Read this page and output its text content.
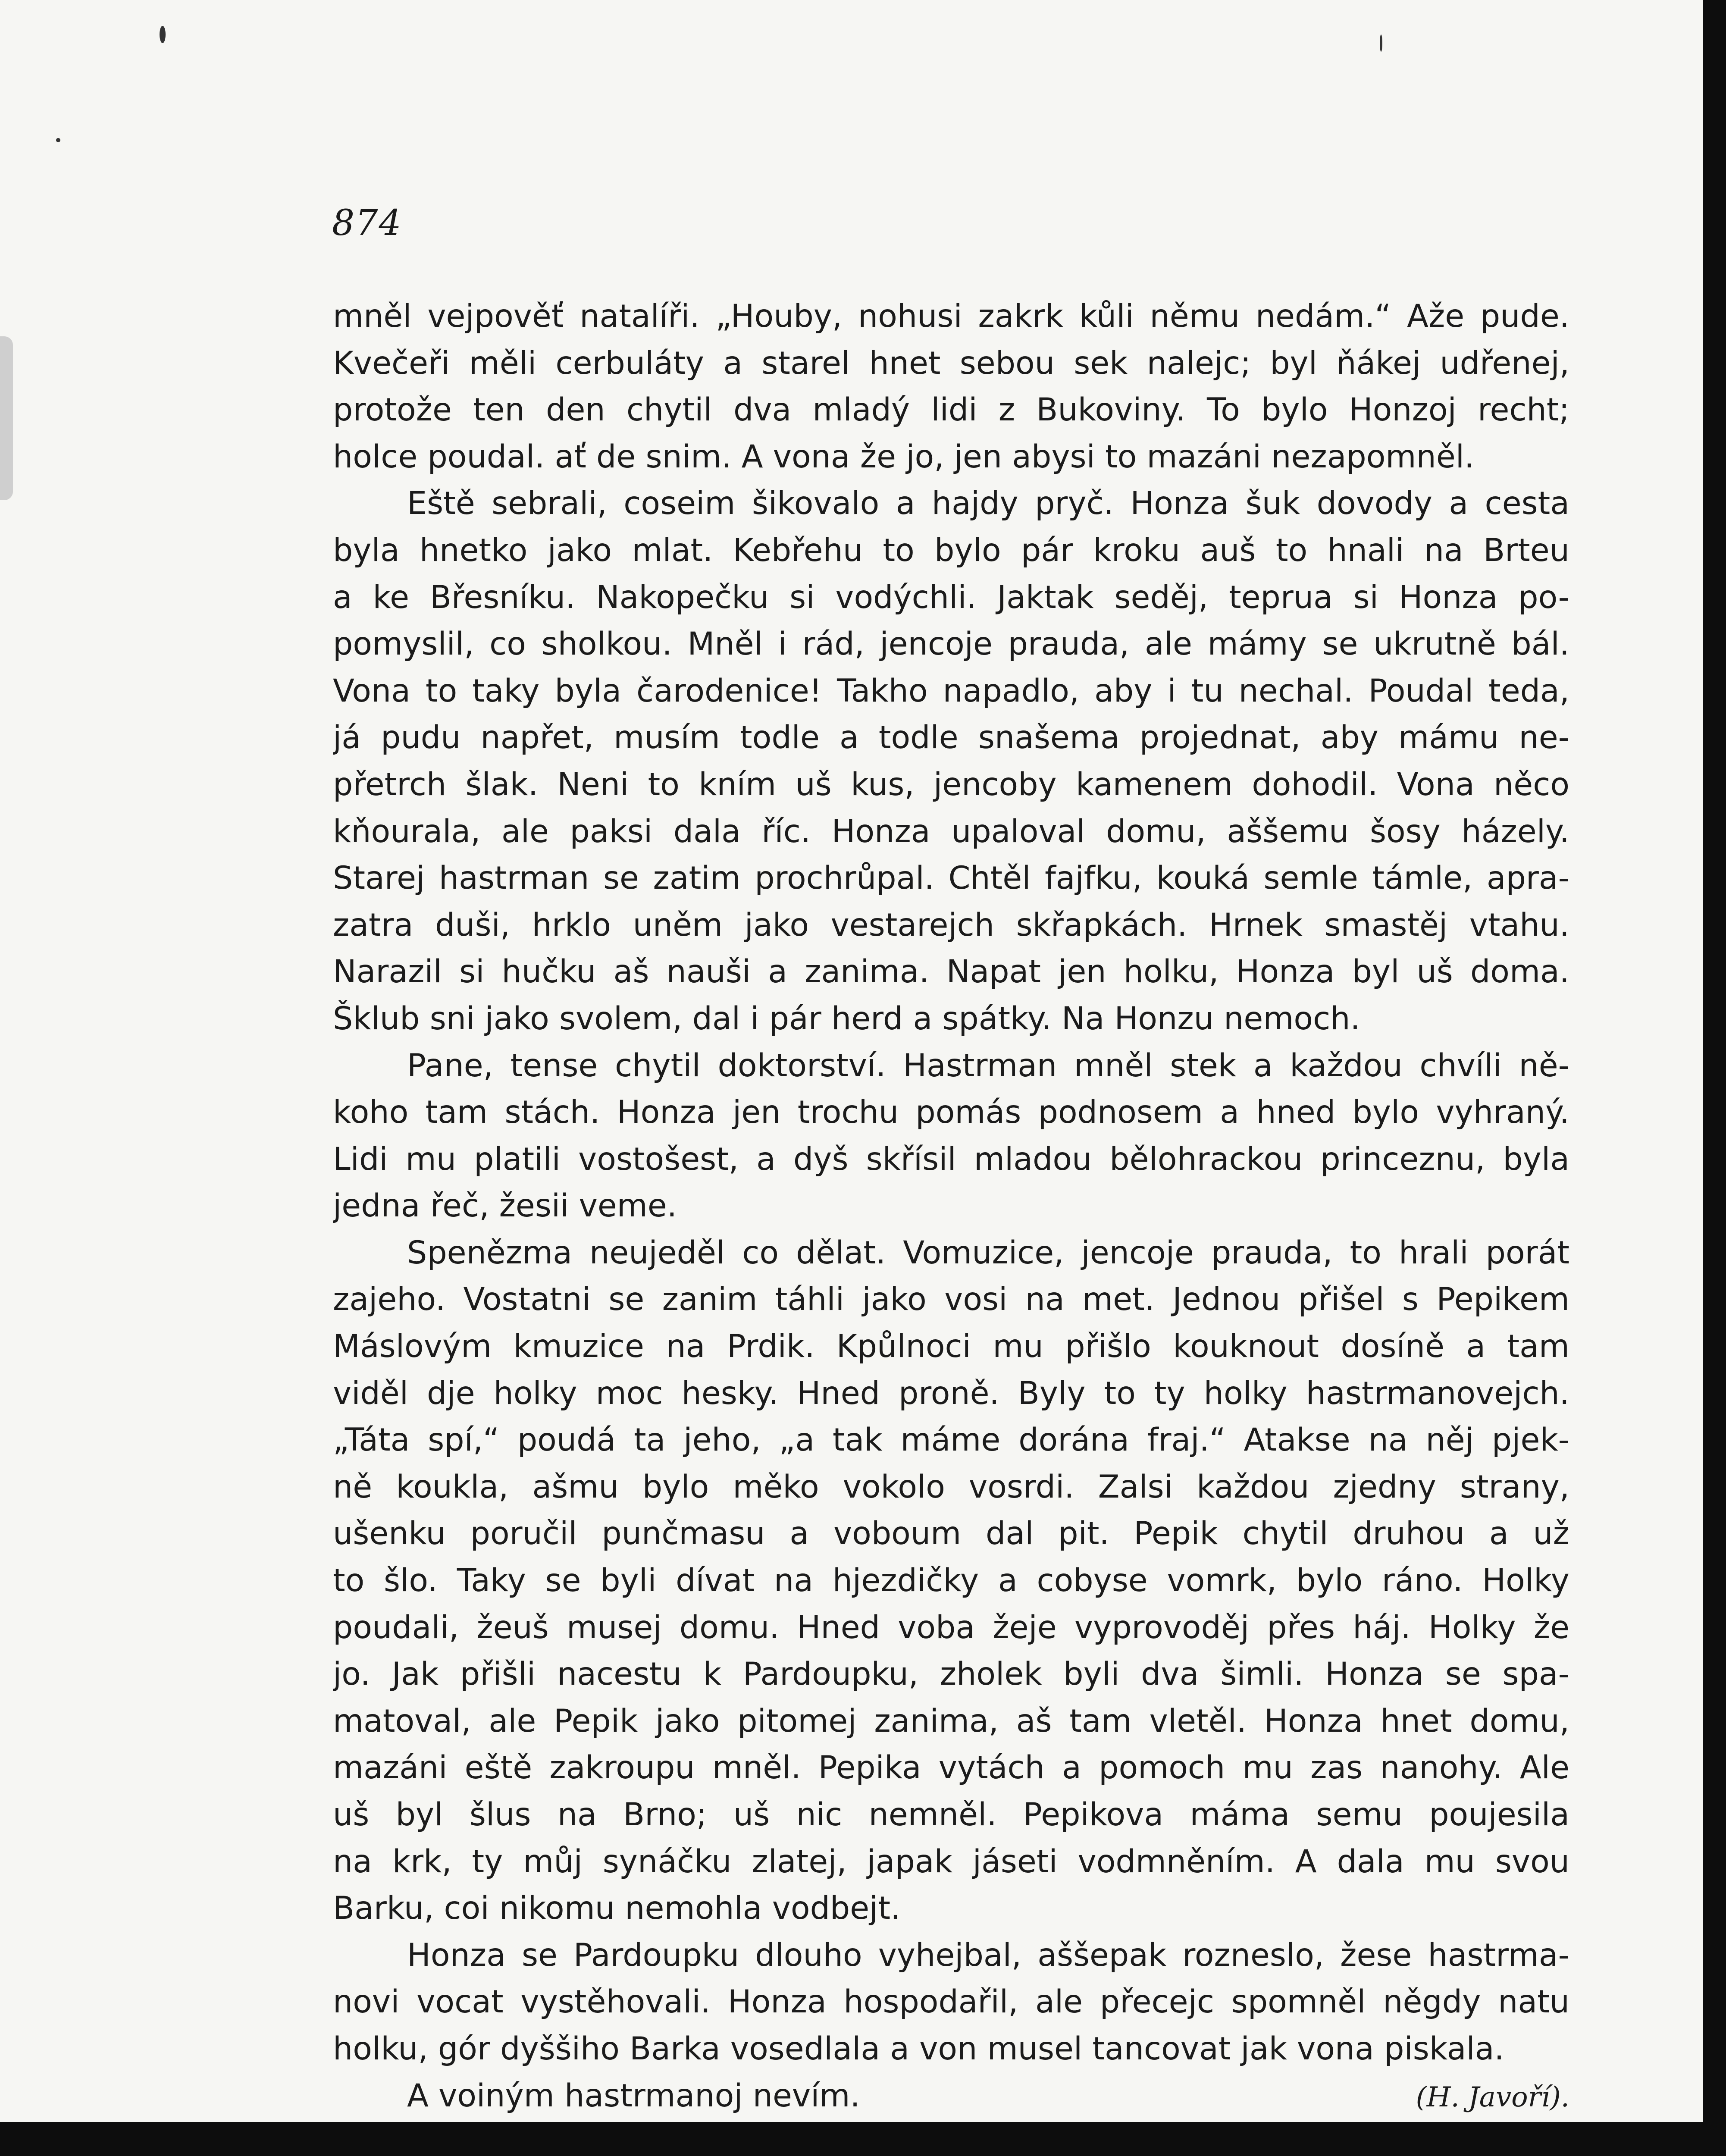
874
mněl vejpověť natalíři. „Houby, nohusi zakrk kůli němu nedám.“ Aže pude.
Kvečeři měli cerbuláty a starel hnet sebou sek nalejc; byl ňákej udřenej,
protože ten den chytil dva mladý lidi z Bukoviny. To bylo Honzoj recht;
holce poudal. ať de snim. A vona že jo, jen abysi to mazáni nezapomněl.
Eště sebrali, coseim šikovalo a hajdy pryč. Honza šuk dovody a cesta
byla hnetko jako mlat. Kebřehu to bylo pár kroku auš to hnali na Brteu
a ke Břesníku. Nakopečku si vodýchli. Jaktak seděj, teprua si Honza po-
pomyslil, co sholkou. Mněl i rád, jencoje prauda, ale mámy se ukrutně bál.
Vona to taky byla čarodenice! Takho napadlo, aby i tu nechal. Poudal teda,
já pudu napřet, musím todle a todle snašema projednat, aby mámu ne-
přetrch šlak. Neni to kním uš kus, jencoby kamenem dohodil. Vona něco
kňourala, ale paksi dala říc. Honza upaloval domu, aššemu šosy házely.
Starej hastrman se zatim prochrůpal. Chtěl fajfku, kouká semle támle, apra-
zatra duši, hrklo uněm jako vestarejch skřapkách. Hrnek smastěj vtahu.
Narazil si hučku aš nauši a zanima. Napat jen holku, Honza byl uš doma.
Šklub sni jako svolem, dal i pár herd a spátky. Na Honzu nemoch.
Pane, tense chytil doktorství. Hastrman mněl stek a každou chvíli ně-
koho tam stách. Honza jen trochu pomás podnosem a hned bylo vyhraný.
Lidi mu platili vostošest, a dyš skřísil mladou bělohrackou princeznu, byla
jedna řeč, žesii veme.
Spenězma neujeděl co dělat. Vomuzice, jencoje prauda, to hrali porát
zajeho. Vostatni se zanim táhli jako vosi na met. Jednou přišel s Pepikem
Máslovým kmuzice na Prdik. Kpůlnoci mu přišlo kouknout dosíně a tam
viděl dje holky moc hesky. Hned proně. Byly to ty holky hastrmanovejch.
„Táta spí,“ poudá ta jeho, „a tak máme dorána fraj.“ Atakse na něj pjek-
ně koukla, ašmu bylo měko vokolo vosrdi. Zalsi každou zjedny strany,
ušenku poručil punčmasu a voboum dal pit. Pepik chytil druhou a už
to šlo. Taky se byli dívat na hjezdičky a cobyse vomrk, bylo ráno. Holky
poudali, žeuš musej domu. Hned voba žeje vyprovoděj přes háj. Holky že
jo. Jak přišli nacestu k Pardoupku, zholek byli dva šimli. Honza se spa-
matoval, ale Pepik jako pitomej zanima, aš tam vletěl. Honza hnet domu,
mazáni eště zakroupu mněl. Pepika vytách a pomoch mu zas nanohy. Ale
uš byl šlus na Brno; uš nic nemněl. Pepikova máma semu poujesila
na krk, ty můj synáčku zlatej, japak jáseti vodmněním. A dala mu svou
Barku, coi nikomu nemohla vodbejt.
Honza se Pardoupku dlouho vyhejbal, aššepak rozneslo, žese hastrma-
novi vocat vystěhovali. Honza hospodařil, ale přecejc spomněl něgdy natu
holku, gór dyššiho Barka vosedlala a von musel tancovat jak vona piskala.
A voiným hastrmanoj nevím.	(H. Javoří).
